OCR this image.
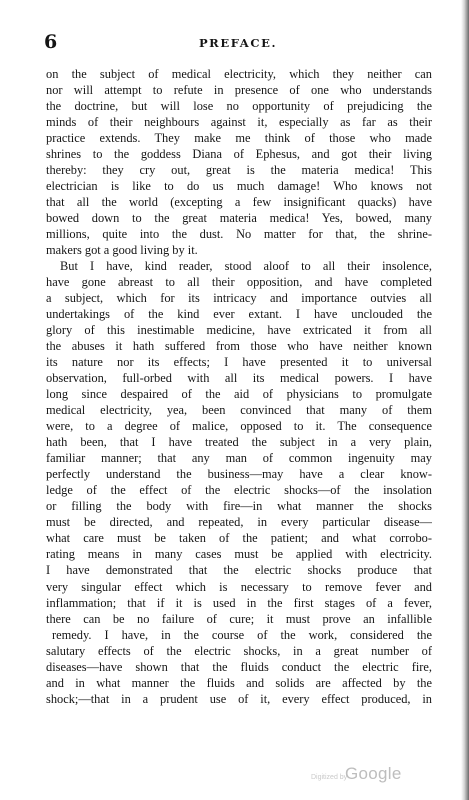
6	PREFACE.
on the subject of medical electricity, which they neither can
nor will attempt to refute in presence of one who understands
the doctrine, but will lose no opportunity of prejudicing the
minds of their neighbours against it, especially as far as their
practice extends. They make me think of those who made
shrines to the goddess Diana of Ephesus, and got their living
thereby: they cry out, great is the materia medica! This
electrician is like to do us much damage! Who knows not
that all the world (excepting a few insignificant quacks) have
bowed down to the great materia medica! Yes, bowed, many
millions, quite into the dust. No matter for that, the shrine-
makers got a good living by it.
But I have, kind reader, stood aloof to all their insolence,
have gone abreast to all their opposition, and have completed
a subject, which for its intricacy and importance outvies all
undertakings of the kind ever extant. I have unclouded the
glory of this inestimable medicine, have extricated it from all
the abuses it hath suffered from those who have neither known
its nature nor its effects; I have presented it to universal
observation, full-orbed with all its medical powers. I have
long since despaired of the aid of physicians to promulgate
medical electricity, yea, been convinced that many of them
were, to a degree of malice, opposed to it. The consequence
hath been, that I have treated the subject in a very plain,
familiar manner; that any man of common ingenuity may
perfectly understand the business—may have a clear know-
ledge of the effect of the electric shocks—of the insolation
or filling the body with fire—in what manner the shocks
must be directed, and repeated, in every particular disease—
what care must be taken of the patient; and what corrobo-
rating means in many cases must be applied with electricity.
I have demonstrated that the electric shocks produce that
very singular effect which is necessary to remove fever and
inflammation; that if it is used in the first stages of a fever,
there can be no failure of cure; it must prove an infallible
remedy. I have, in the course of the work, considered the
salutary effects of the electric shocks, in a great number of
diseases—have shown that the fluids conduct the electric fire,
and in what manner the fluids and solids are affected by the
shock;—that in a prudent use of it, every effect produced, in
Digitized by
Google
